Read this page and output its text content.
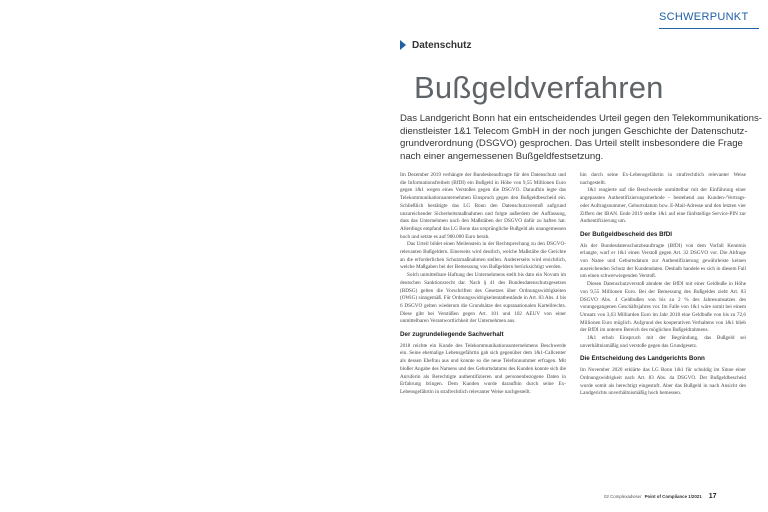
SCHWERPUNKT
Datenschutz
Bußgeldverfahren

Das Landgericht Bonn hat ein entscheidendes Urteil gegen den Telekommunikationsdienstleister 1&1 Telecom GmbH in der noch jungen Geschichte der Datenschutzgrundverordnung (DSGVO) gesprochen. Das Urteil stellt insbesondere die Frage nach einer angemessenen Bußgeldfestsetzung.

Im Dezember 2019 verhängte der Bundesbeauftragte für den Datenschutz und die Informationsfreiheit (BfDI) ein Bußgeld in Höhe von 9,55 Millionen Euro gegen 1&1 wegen eines Verstoßes gegen die DSGVO. Daraufhin legte das Telekommunikationsunternehmen Einspruch gegen den Bußgeldbescheid ein. Schließlich bestätigte das LG Bonn den Datenschutzverstoß aufgrund unzureichender Sicherheitsmaßnahmen und folgte außerdem der Auffassung, dass das Unternehmen nach den Maßstäben der DSGVO dafür zu haften hat. Allerdings empfand das LG Bonn das ursprüngliche Bußgeld als unangemessen hoch und setzte es auf 900.000 Euro herab.

Das Urteil bildet einen Meilenstein in der Rechtsprechung zu den DSGVO-relevanten Bußgeldern. Einerseits wird deutlich, welche Maßstäbe die Gerichte an die erforderlichen Schutzmaßnahmen stellen. Andererseits wird ersichtlich, welche Maßgaben bei der Bemessung von Bußgeldern berücksichtigt werden.

Solch unmittelbare Haftung des Unternehmens stellt bis dato ein Novum im deutschen Sanktionsrecht dar. Nach § 41 des Bundesdatenschutzgesetzes (BDSG) gelten die Vorschriften des Gesetzes über Ordnungswidrigkeiten (OWiG) sinngemäß. Für Ordnungswidrigkeitentatbestände in Art. 83 Abs. 4 bis 6 DSGVO gelten wiederum die Grundsätze des supranationalen Kartellrechts. Diese gibt bei Verstößen gegen Art. 101 und 102 AEUV von einer unmittelbaren Verantwortlichkeit der Unternehmen aus.

Der zugrundeliegende Sachverhalt

2018 reichte ein Kunde des Telekommunikationsunternehmens Beschwerde ein. Seine ehemalige Lebensgefährtin gab sich gegenüber dem 1&1-Callcenter als dessen Ehefrau aus und konnte so die neue Telefonnummer erfragen. Mit bloßer Angabe des Namens und des Geburtsdatums des Kunden konnte sich die Anruferin als Berechtigte authentifizieren und personenbezogene Daten in Erfahrung bringen. Dem Kunden wurde daraufhin durch seine Ex-Lebensgefährtin in strafrechtlich relevanter Weise nachgestellt.

hin durch seine Ex-Lebensgefährtin in strafrechtlich relevanter Weise nachgestellt.

1&1 reagierte auf die Beschwerde unmittelbar mit der Einführung einer angepassten Authentifizierungsmethode – bestehend aus Kunden-/Vertrags- oder Auftragsnummer, Geburtsdatum bzw. E-Mail-Adresse und den letzten vier Ziffern der IBAN. Ende 2019 stellte 1&1 auf eine fünfstellige Service-PIN zur Authentifizierung um.

Der Bußgeldbescheid des BfDI

Als der Bundesdatenschutzbeauftragte (BfDI) von dem Vorfall Kenntnis erlangte, warf er 1&1 einen Verstoß gegen Art. 32 DSGVO vor. Die Abfrage von Name und Geburtsdatum zur Authentifizierung gewährleiste keinen ausreichenden Schutz der Kundendaten. Deshalb handele es sich in diesem Fall um einen schwerwiegenden Verstoß.

Diesen Datenschutzverstoß ahndete der BfDI mit einer Geldbuße in Höhe von 9,55 Millionen Euro. Bei der Bemessung des Bußgeldes zieht Art. 83 DSGVO Abs. 4 Geldbußen von bis zu 2 % des Jahresumsatzes des vorangegangenen Geschäftsjahres vor. Im Falle von 1&1 wäre somit bei einem Umsatz von 3,63 Milliarden Euro im Jahr 2018 eine Geldbuße von bis zu 72,6 Millionen Euro möglich. Aufgrund des kooperativen Verhaltens von 1&1 blieb der BfDI im unteren Bereich des möglichen Bußgeldrahmens.

1&1 erhob Einspruch mit der Begründung, das Bußgeld sei unverhältnismäßig und verstoße gegen das Grundgesetz.

Die Entscheidung des Landgerichts Bonn

Im November 2020 erklärte das LG Bonn 1&1 für schuldig im Sinne einer Ordnungswidrigkeit nach Art. 83 Abs. 4a DSGVO. Der Bußgeldbescheid wurde somit als berechtigt eingestuft. Aber das Bußgeld in nach Ansicht des Landgerichts unverhältnismäßig hoch bemessen.

02 Complexadviser Point of Compliance 1/2021 17
